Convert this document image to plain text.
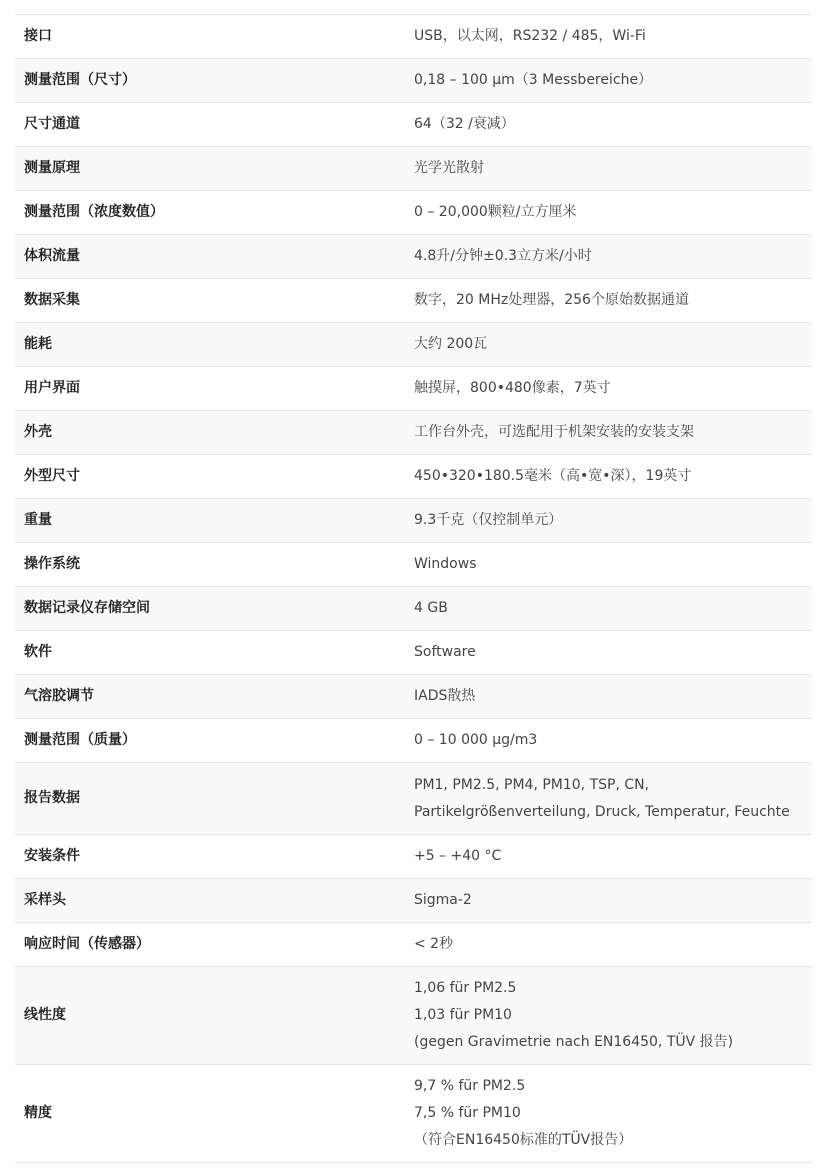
接口	USB，以太网，RS232 / 485，Wi-Fi

测量范围（尺寸）	0,18 – 100 µm（3 Messbereiche）

尺寸通道	64（32 /衰减）

测量原理	光学光散射

测量范围（浓度数值）	0 – 20,000颗粒/立方厘米

体积流量	4.8升/分钟±0.3立方米/小时

数据采集	数字，20 MHz处理器，256个原始数据通道

能耗	大约 200瓦

用户界面	触摸屏，800•480像素，7英寸

外壳	工作台外壳，可选配用于机架安装的安装支架

外型尺寸	450•320•180.5毫米（高•宽•深），19英寸

重量	9.3千克（仅控制单元）

操作系统	Windows

数据记录仪存储空间	4 GB

软件	Software

气溶胶调节	IADS散热

测量范围（质量）	0 – 10 000 µg/m3

报告数据	PM1, PM2.5, PM4, PM10, TSP, CN,
Partikelgrößenverteilung, Druck, Temperatur, Feuchte

安装条件	+5 – +40 °C

采样头	Sigma-2

响应时间（传感器）	< 2秒

线性度	1,06 für PM2.5
1,03 für PM10
(gegen Gravimetrie nach EN16450, TÜV 报告)

精度	9,7 % für PM2.5
7,5 % für PM10
（符合EN16450标准的TÜV报告）
